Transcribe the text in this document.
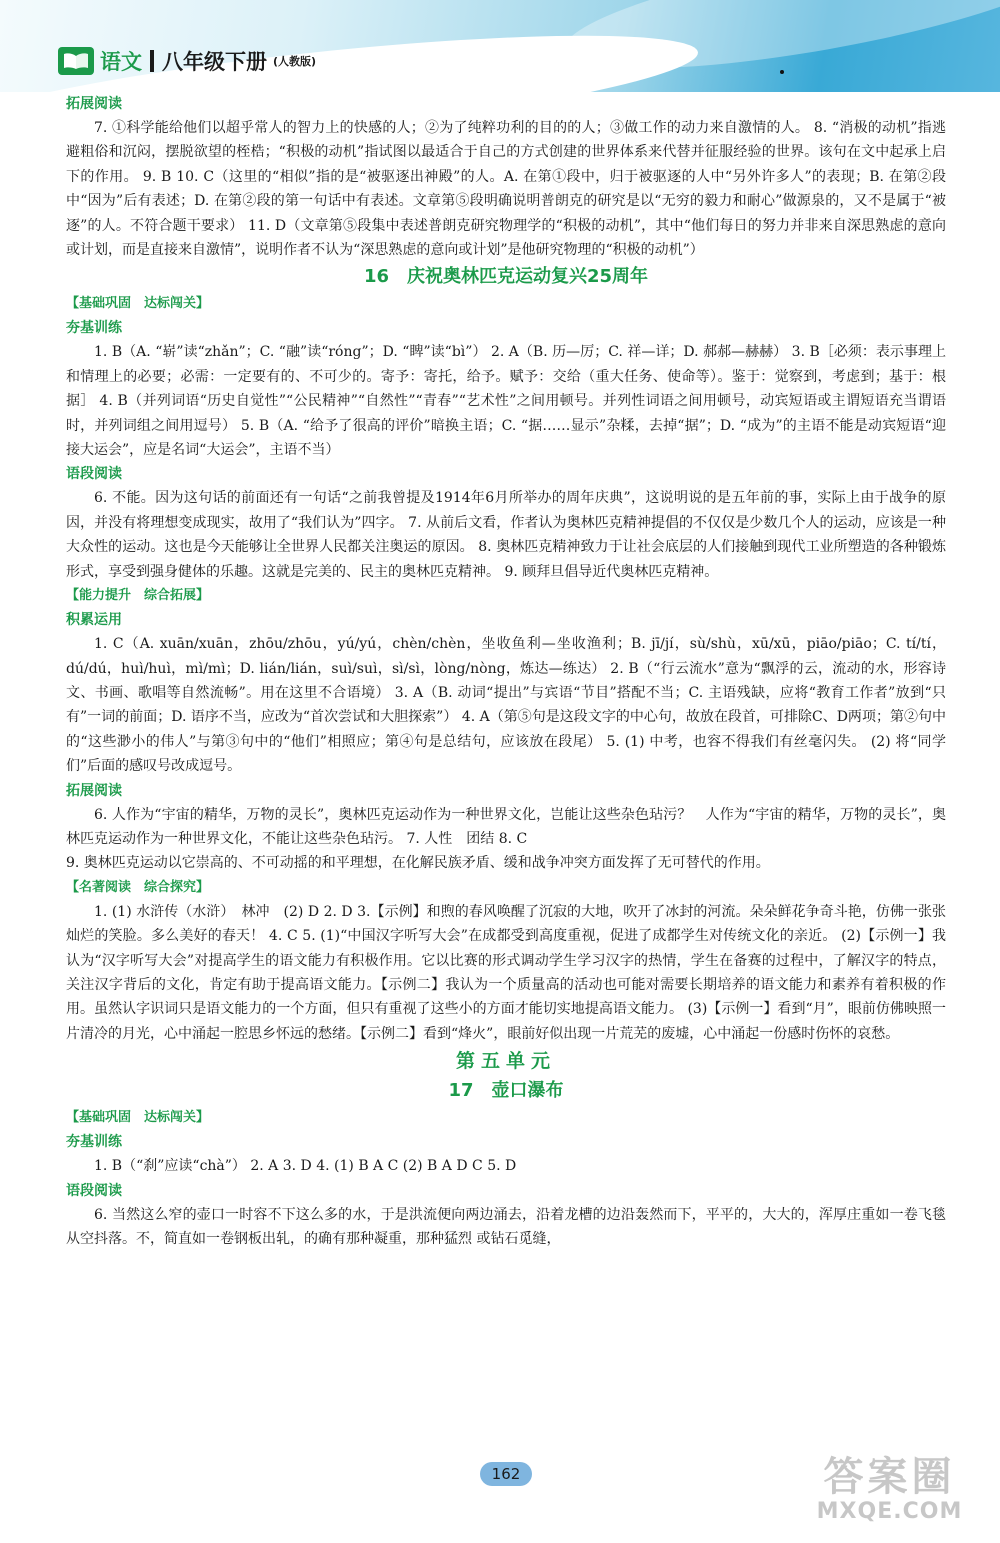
语文 八年级下册 (人教版)
拓展阅读

7. ①科学能给他们以超乎常人的智力上的快感的人；②为了纯粹功利的目的的人；③做工作的动力来自激情的人。 8. “消极的动机”指逃避粗俗和沉闷，摆脱欲望的桎梏；“积极的动机”指试图以最适合于自己的方式创建的世界体系来代替并征服经验的世界。该句在文中起承上启下的作用。 9. B 10. C（这里的“相似”指的是“被驱逐出神殿”的人。A. 在第①段中，归于被驱逐的人中“另外许多人”的表现；B. 在第②段中“因为”后有表述；D. 在第②段的第一句话中有表述。文章第⑤段明确说明普朗克的研究是以“无穷的毅力和耐心”做源泉的，又不是属于“被逐”的人。不符合题干要求） 11. D（文章第⑤段集中表述普朗克研究物理学的“积极的动机”，其中“他们每日的努力并非来自深思熟虑的意向或计划，而是直接来自激情”，说明作者不认为“深思熟虑的意向或计划”是他研究物理的“积极的动机”）

16　庆祝奥林匹克运动复兴25周年
【基础巩固　达标闯关】
夯基训练

1. B（A. “崭”读“zhǎn”；C. “融”读“róng”；D. “睥”读“bì”） 2. A（B. 历—厉；C. 祥—详；D. 郝郝—赫赫） 3. B［必须：表示事理上和情理上的必要；必需：一定要有的、不可少的。寄予：寄托，给予。赋予：交给（重大任务、使命等）。鉴于：觉察到，考虑到；基于：根据］ 4. B（并列词语“历史自觉性”“公民精神”“自然性”“青春”“艺术性”之间用顿号。并列性词语之间用顿号，动宾短语或主谓短语充当谓语时，并列词组之间用逗号） 5. B（A. “给予了很高的评价”暗换主语；C. “据……显示”杂糅，去掉“据”；D. “成为”的主语不能是动宾短语“迎接大运会”，应是名词“大运会”，主语不当）

语段阅读

6. 不能。因为这句话的前面还有一句话“之前我曾提及1914年6月所举办的周年庆典”，这说明说的是五年前的事，实际上由于战争的原因，并没有将理想变成现实，故用了“我们认为”四字。 7. 从前后文看，作者认为奥林匹克精神提倡的不仅仅是少数几个人的运动，应该是一种大众性的运动。这也是今天能够让全世界人民都关注奥运的原因。 8. 奥林匹克精神致力于让社会底层的人们接触到现代工业所塑造的各种锻炼形式，享受到强身健体的乐趣。这就是完美的、民主的奥林匹克精神。 9. 顾拜旦倡导近代奥林匹克精神。

【能力提升　综合拓展】
积累运用

1. C（A. xuān/xuān，zhōu/zhōu，yú/yú，chèn/chèn，坐收鱼利—坐收渔利；B. jī/jí，sù/shù，xū/xū，piāo/piāo；C. tí/tí，dú/dú，huì/huì，mì/mì；D. lián/lián，suì/suì，sì/sì，lòng/nòng，炼达—练达） 2. B（“行云流水”意为“飘浮的云，流动的水，形容诗文、书画、歌唱等自然流畅”。用在这里不合语境） 3. A（B. 动词“提出”与宾语“节目”搭配不当；C. 主语残缺，应将“教育工作者”放到“只有”一词的前面；D. 语序不当，应改为“首次尝试和大胆探索”） 4. A（第⑤句是这段文字的中心句，故放在段首，可排除C、D两项；第②句中的“这些渺小的伟人”与第③句中的“他们”相照应；第④句是总结句，应该放在段尾） 5. (1) 中考，也容不得我们有丝毫闪失。 (2) 将“同学们”后面的感叹号改成逗号。

拓展阅读

6. 人作为“宇宙的精华，万物的灵长”，奥林匹克运动作为一种世界文化，岂能让这些杂色玷污？　人作为“宇宙的精华，万物的灵长”，奥林匹克运动作为一种世界文化，不能让这些杂色玷污。 7. 人性　团结 8. C

9. 奥林匹克运动以它崇高的、不可动摇的和平理想，在化解民族矛盾、缓和战争冲突方面发挥了无可替代的作用。

【名著阅读　综合探究】

1. (1) 水浒传（水浒）　林冲　(2) D 2. D 3.【示例】和煦的春风唤醒了沉寂的大地，吹开了冰封的河流。朵朵鲜花争奇斗艳，仿佛一张张灿烂的笑脸。多么美好的春天！ 4. C 5. (1)“中国汉字听写大会”在成都受到高度重视，促进了成都学生对传统文化的亲近。 (2)【示例一】我认为“汉字听写大会”对提高学生的语文能力有积极作用。它以比赛的形式调动学生学习汉字的热情，学生在备赛的过程中，了解汉字的特点，关注汉字背后的文化，肯定有助于提高语文能力。【示例二】我认为一个质量高的活动也可能对需要长期培养的语文能力和素养有着积极的作用。虽然认字识词只是语文能力的一个方面，但只有重视了这些小的方面才能切实地提高语文能力。 (3)【示例一】看到“月”，眼前仿佛映照一片清冷的月光，心中涌起一腔思乡怀远的愁绪。【示例二】看到“烽火”，眼前好似出现一片荒芜的废墟，心中涌起一份感时伤怀的哀愁。

第五单元
17　壶口瀑布
【基础巩固　达标闯关】
夯基训练

1. B（“刹”应读“chà”） 2. A 3. D 4. (1) B A C (2) B A D C 5. D

语段阅读

6. 当然这么窄的壶口一时容不下这么多的水，于是洪流便向两边涌去，沿着龙槽的边沿轰然而下，平平的，大大的，浑厚庄重如一卷飞毯从空抖落。不，简直如一卷钢板出轧，的确有那种凝重，那种猛烈 或钻石觅缝，

162	答案圈
MXQE.COM
